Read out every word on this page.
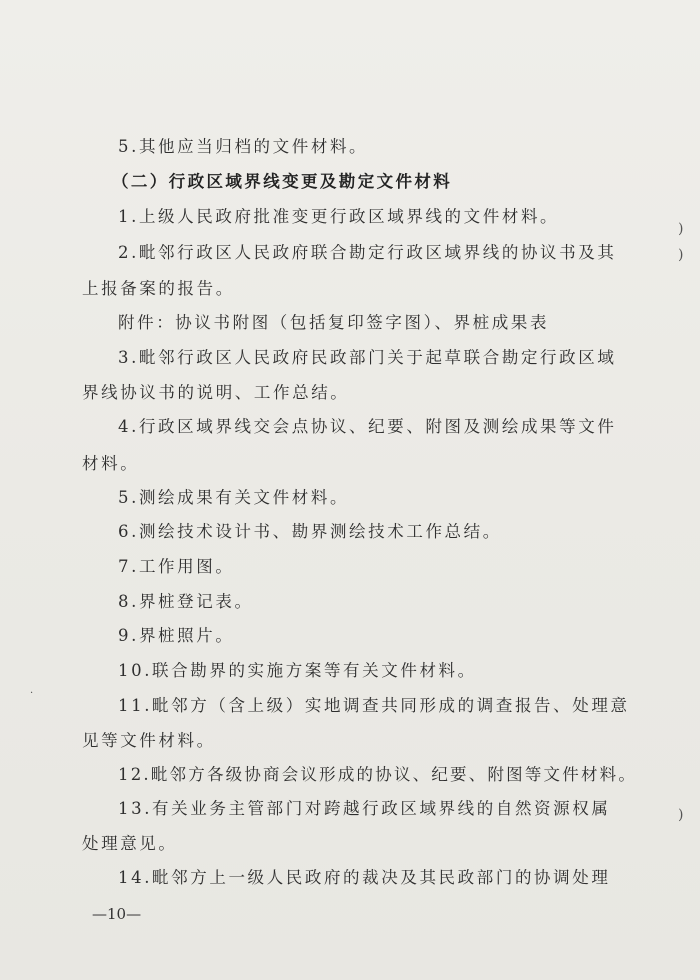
5.其他应当归档的文件材料。
（二）行政区域界线变更及勘定文件材料
1.上级人民政府批准变更行政区域界线的文件材料。
2.毗邻行政区人民政府联合勘定行政区域界线的协议书及其
上报备案的报告。
附件：协议书附图（包括复印签字图）、界桩成果表
3.毗邻行政区人民政府民政部门关于起草联合勘定行政区域
界线协议书的说明、工作总结。
4.行政区域界线交会点协议、纪要、附图及测绘成果等文件
材料。
5.测绘成果有关文件材料。
6.测绘技术设计书、勘界测绘技术工作总结。
7.工作用图。
8.界桩登记表。
9.界桩照片。
10.联合勘界的实施方案等有关文件材料。
11.毗邻方（含上级）实地调查共同形成的调查报告、处理意
见等文件材料。
12.毗邻方各级协商会议形成的协议、纪要、附图等文件材料。
13.有关业务主管部门对跨越行政区域界线的自然资源权属
处理意见。
14.毗邻方上一级人民政府的裁决及其民政部门的协调处理
—10—
)
)
)
·
